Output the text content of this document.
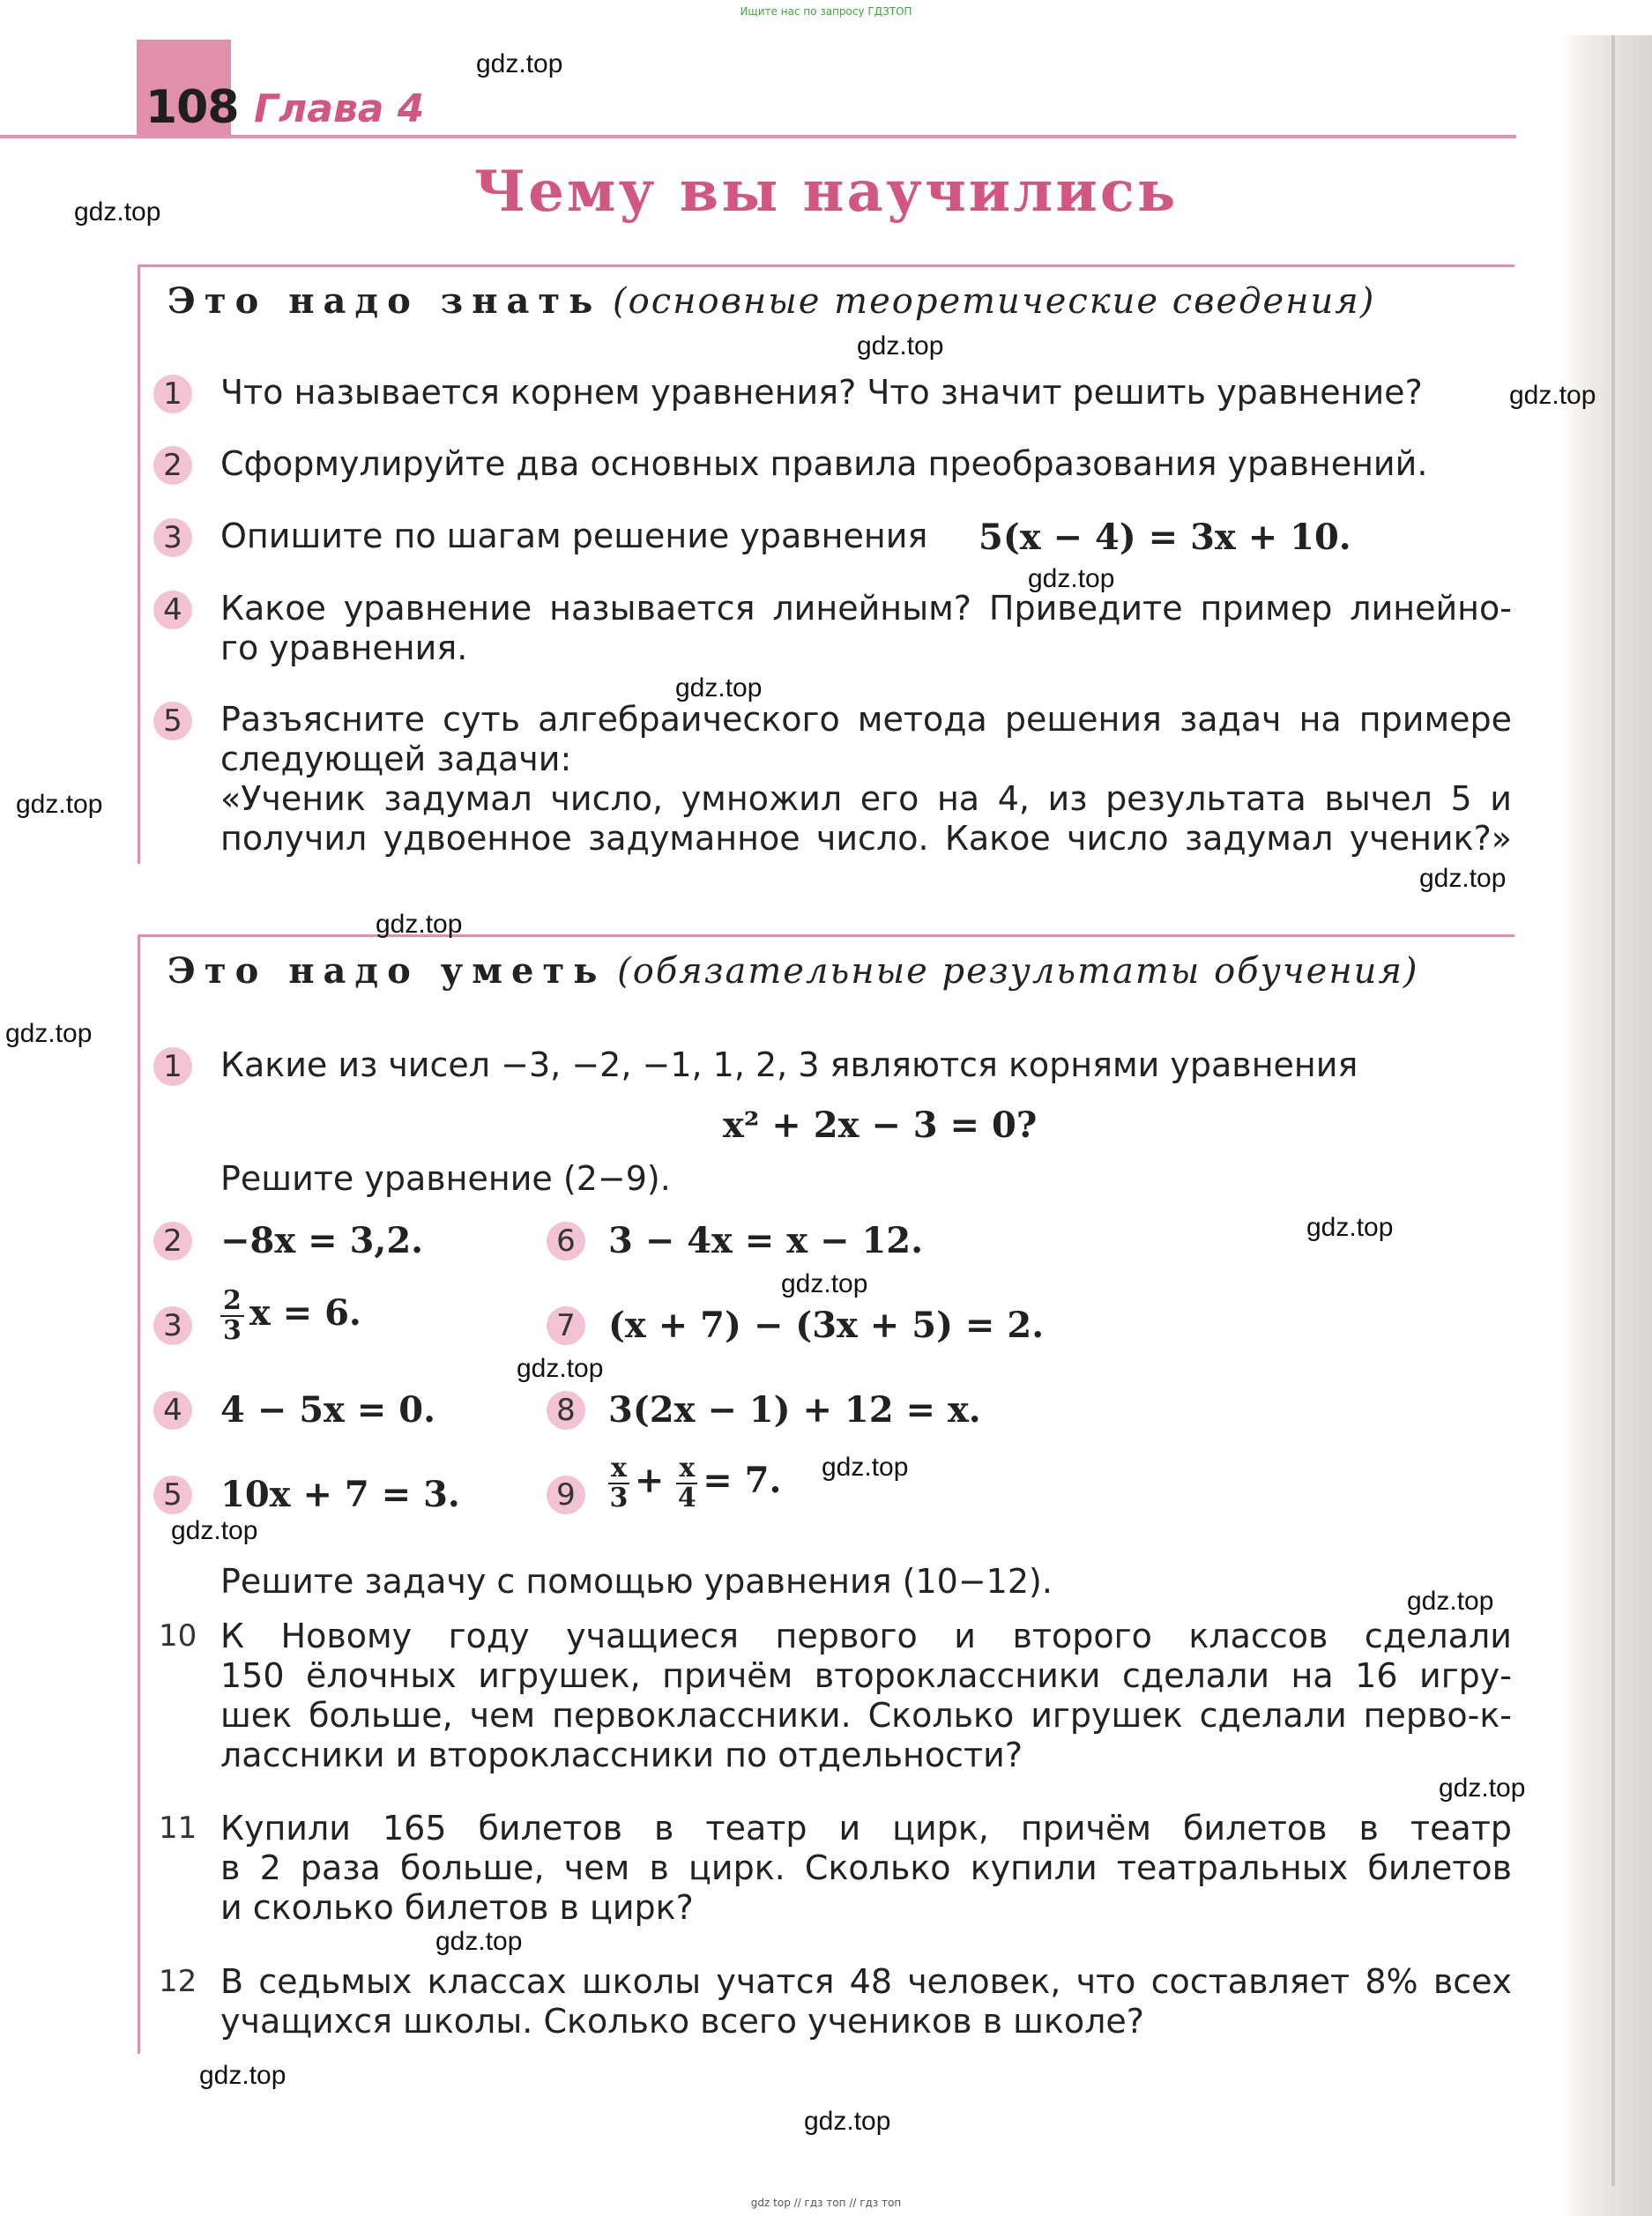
Ищите нас по запросу ГДЗТОП
108 Глава 4
Чему вы научились
Это надо знать (основные теоретические сведения)
1 Что называется корнем уравнения? Что значит решить уравнение?
2 Сформулируйте два основных правила преобразования уравнений.
3 Опишите по шагам решение уравнения 5(x − 4) = 3x + 10.
4 Какое уравнение называется линейным? Приведите пример линейно-
го уравнения.
5 Разъясните суть алгебраического метода решения задач на примере
следующей задачи:
«Ученик задумал число, умножил его на 4, из результата вычел 5 и
получил удвоенное задуманное число. Какое число задумал ученик?»
Это надо уметь (обязательные результаты обучения)
1 Какие из чисел −3, −2, −1, 1, 2, 3 являются корнями уравнения
x² + 2x − 3 = 0?
Решите уравнение (2−9).
2 −8x = 3,2.	6 3 − 4x = x − 12.
3	$\frac{2}{3}$ x = 6.	7 (x + 7) − (3x + 5) = 2.
4 4 − 5x = 0.	8 3(2x − 1) + 12 = x.
5 10x + 7 = 3.	9	$\frac{x}{3} + \frac{x}{4} = 7$.
Решите задачу с помощью уравнения (10−12).
10 К Новому году учащиеся первого и второго классов сделали
150 ёлочных игрушек, причём второклассники сделали на 16 игру-
шек больше, чем первоклассники. Сколько игрушек сделали перво-к-
лассники и второклассники по отдельности?
11 Купили 165 билетов в театр и цирк, причём билетов в театр
в 2 раза больше, чем в цирк. Сколько купили театральных билетов
и сколько билетов в цирк?
12 В седьмых классах школы учатся 48 человек, что составляет 8% всех
учащихся школы. Сколько всего учеников в школе?
gdz.top
gdz.top
gdz.top
gdz.top
gdz.top
gdz.top
gdz.top
gdz.top
gdz.top
gdz.top
gdz.top
gdz.top
gdz.top
gdz.top
gdz.top
gdz.top
gdz.top
gdz.top
gdz.top
gdz.top
gdz top // гдз топ // гдз топ
